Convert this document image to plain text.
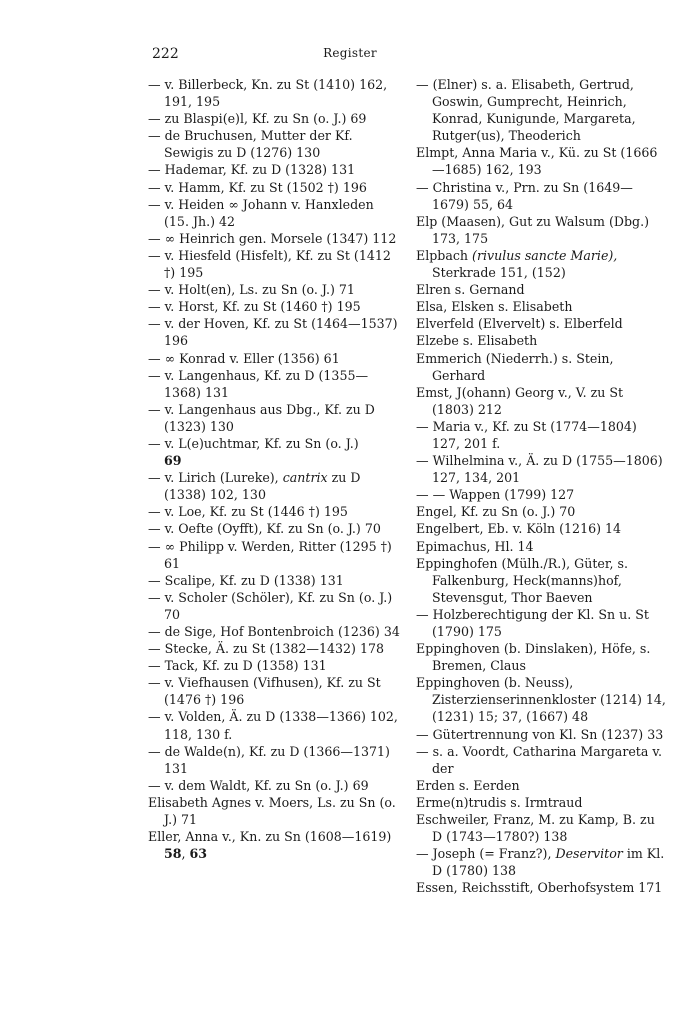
222	Register
— v. Billerbeck, Kn. zu St (1410) 162, 191, 195
— zu Blaspi(e)l, Kf. zu Sn (o. J.) 69
— de Bruchusen, Mutter der Kf. Sewigis zu D (1276) 130
— Hademar, Kf. zu D (1328) 131
— v. Hamm, Kf. zu St (1502 †) 196
— v. Heiden ∞ Johann v. Hanxleden (15. Jh.) 42
— ∞ Heinrich gen. Morsele (1347) 112
— v. Hiesfeld (Hisfelt), Kf. zu St (1412 †) 195
— v. Holt(en), Ls. zu Sn (o. J.) 71
— v. Horst, Kf. zu St (1460 †) 195
— v. der Hoven, Kf. zu St (1464—1537) 196
— ∞ Konrad v. Eller (1356) 61
— v. Langenhaus, Kf. zu D (1355—1368) 131
— v. Langenhaus aus Dbg., Kf. zu D (1323) 130
— v. L(e)uchtmar, Kf. zu Sn (o. J.)
69
— v. Lirich (Lureke), cantrix zu D (1338) 102, 130
— v. Loe, Kf. zu St (1446 †) 195
— v. Oefte (Oyfft), Kf. zu Sn (o. J.) 70
— ∞ Philipp v. Werden, Ritter (1295 †) 61
— Scalipe, Kf. zu D (1338) 131
— v. Scholer (Schöler), Kf. zu Sn (o. J.) 70
— de Sige, Hof Bontenbroich (1236) 34
— Stecke, Ä. zu St (1382—1432) 178
— Tack, Kf. zu D (1358) 131
— v. Viefhausen (Vifhusen), Kf. zu St (1476 †) 196
— v. Volden, Ä. zu D (1338—1366) 102, 118, 130 f.
— de Walde(n), Kf. zu D (1366—1371) 131
— v. dem Waldt, Kf. zu Sn (o. J.) 69
Elisabeth Agnes v. Moers, Ls. zu Sn (o. J.) 71
Eller, Anna v., Kn. zu Sn (1608—1619) 58, 63
— (Elner) s. a. Elisabeth, Gertrud, Goswin, Gumprecht, Heinrich, Konrad, Kunigunde, Margareta, Rutger(us), Theoderich
Elmpt, Anna Maria v., Kü. zu St (1666—1685) 162, 193
— Christina v., Prn. zu Sn (1649—1679) 55, 64
Elp (Maasen), Gut zu Walsum (Dbg.) 173, 175
Elpbach (rivulus sancte Marie), Sterkrade 151, (152)
Elren s. Gernand
Elsa, Elsken s. Elisabeth
Elverfeld (Elvervelt) s. Elberfeld
Elzebe s. Elisabeth
Emmerich (Niederrh.) s. Stein, Gerhard
Emst, J(ohann) Georg v., V. zu St (1803) 212
— Maria v., Kf. zu St (1774—1804) 127, 201 f.
— Wilhelmina v., Ä. zu D (1755—1806) 127, 134, 201
— — Wappen (1799) 127
Engel, Kf. zu Sn (o. J.) 70
Engelbert, Eb. v. Köln (1216) 14
Epimachus, Hl. 14
Eppinghofen (Mülh./R.), Güter, s. Falkenburg, Heck(manns)hof, Stevensgut, Thor Baeven
— Holzberechtigung der Kl. Sn u. St (1790) 175
Eppinghoven (b. Dinslaken), Höfe, s. Bremen, Claus
Eppinghoven (b. Neuss), Zisterzienserinnenkloster (1214) 14, (1231) 15; 37, (1667) 48
— Gütertrennung von Kl. Sn (1237) 33
— s. a. Voordt, Catharina Margareta v. der
Erden s. Eerden
Erme(n)trudis s. Irmtraud
Eschweiler, Franz, M. zu Kamp, B. zu D (1743—1780?) 138
— Joseph (= Franz?), Deservitor im Kl. D (1780) 138
Essen, Reichsstift, Oberhofsystem 171
